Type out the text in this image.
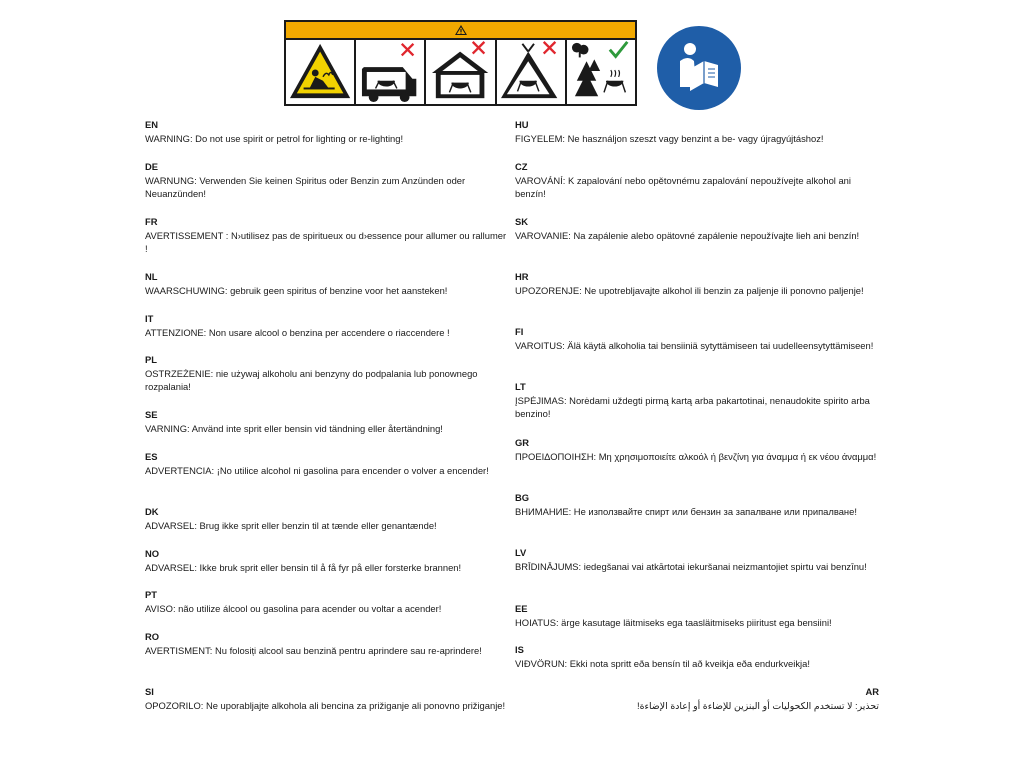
EN
WARNING: Do not use spirit or petrol for lighting or re-lighting!
DE
WARNUNG: Verwenden Sie keinen Spiritus oder Benzin zum Anzünden oder Neuanzünden!
FR
AVERTISSEMENT : N›utilisez pas de spiritueux ou d›essence pour allumer ou rallumer !
NL
WAARSCHUWING: gebruik geen spiritus of benzine voor het aansteken!
IT
ATTENZIONE: Non usare alcool o benzina per accendere o riaccendere !
PL
OSTRZEŻENIE: nie używaj alkoholu ani benzyny do podpalania lub ponownego rozpalania!
SE
VARNING: Använd inte sprit eller bensin vid tändning eller återtändning!
ES
ADVERTENCIA: ¡No utilice alcohol ni gasolina para encender o volver a encender!
DK
ADVARSEL: Brug ikke sprit eller benzin til at tænde eller genantænde!
NO
ADVARSEL: Ikke bruk sprit eller bensin til å få fyr på eller forsterke brannen!
PT
AVISO: não utilize álcool ou gasolina para acender ou voltar a acender!
RO
AVERTISMENT: Nu folosiți alcool sau benzină pentru aprindere sau re-aprindere!
SI
OPOZORILO: Ne uporabljajte alkohola ali bencina za prižiganje ali ponovno prižiganje!
HU
FIGYELEM: Ne használjon szeszt vagy benzint a be- vagy újragyújtáshoz!
CZ
VAROVÁNÍ: K zapalování nebo opětovnému zapalování nepoužívejte alkohol ani benzín!
SK
VAROVANIE: Na zapálenie alebo opätovné zapálenie nepoužívajte lieh ani benzín!
HR
UPOZORENJE: Ne upotrebljavajte alkohol ili benzin za paljenje ili ponovno paljenje!
FI
VAROITUS: Älä käytä alkoholia tai bensiiniä sytyttämiseen tai uudelleensytyttämiseen!
LT
ĮSPĖJIMAS: Norėdami uždegti pirmą kartą arba pakartotinai, nenaudokite spirito arba benzino!
GR
ΠΡΟΕΙΔΟΠΟΙΗΣΗ: Μη χρησιμοποιείτε αλκοόλ ή βενζίνη για άναμμα ή εκ νέου άναμμα!
BG
ВНИМАНИЕ: Не използвайте спирт или бензин за запалване или припалване!
LV
BRĪDINĀJUMS: iedegšanai vai atkārtotai iekuršanai neizmantojiet spirtu vai benzīnu!
EE
HOIATUS: ärge kasutage läitmiseks ega taasläitmiseks piiritust ega bensiini!
IS
VIÐVÖRUN: Ekki nota spritt eða bensín til að kveikja eða endurkveikja!
AR
تحذير: لا تستخدم الكحوليات أو البنزين للإضاءة أو إعادة الإضاءة!
